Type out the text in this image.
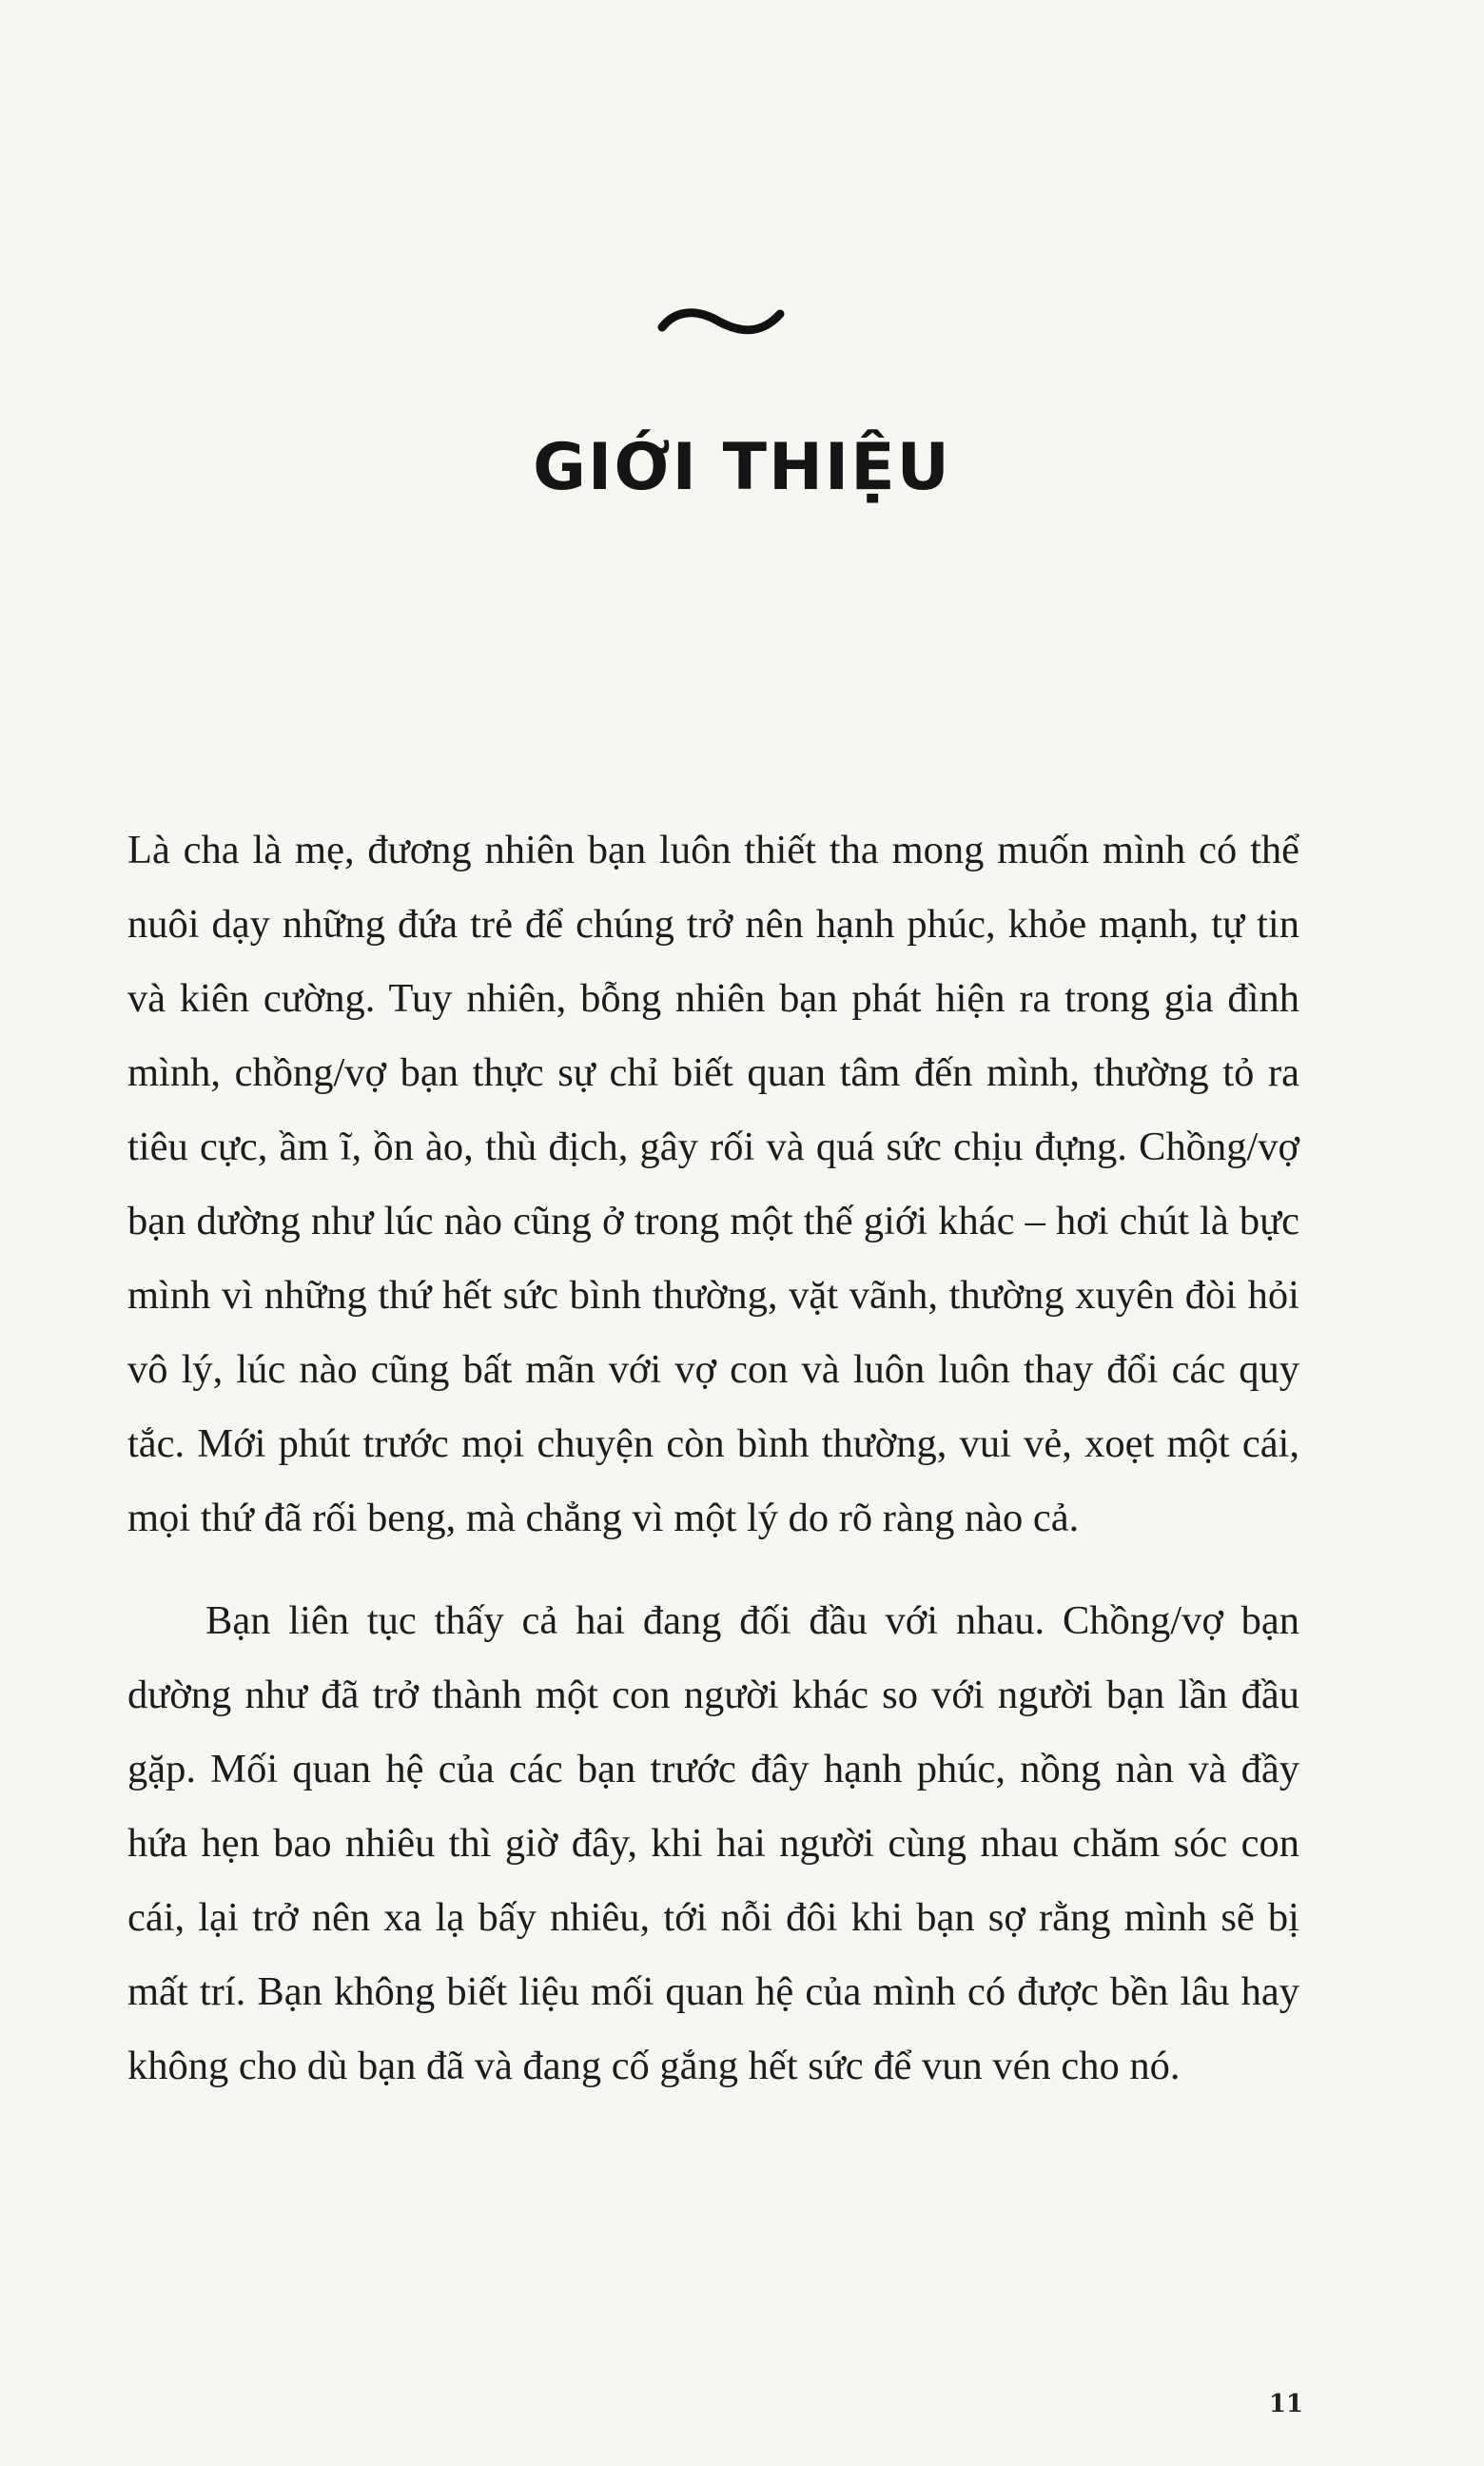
GIỚI THIỆU

Là cha là mẹ, đương nhiên bạn luôn thiết tha mong muốn mình có thể nuôi dạy những đứa trẻ để chúng trở nên hạnh phúc, khỏe mạnh, tự tin và kiên cường. Tuy nhiên, bỗng nhiên bạn phát hiện ra trong gia đình mình, chồng/vợ bạn thực sự chỉ biết quan tâm đến mình, thường tỏ ra tiêu cực, ầm ĩ, ồn ào, thù địch, gây rối và quá sức chịu đựng. Chồng/vợ bạn dường như lúc nào cũng ở trong một thế giới khác – hơi chút là bực mình vì những thứ hết sức bình thường, vặt vãnh, thường xuyên đòi hỏi vô lý, lúc nào cũng bất mãn với vợ con và luôn luôn thay đổi các quy tắc. Mới phút trước mọi chuyện còn bình thường, vui vẻ, xoẹt một cái, mọi thứ đã rối beng, mà chẳng vì một lý do rõ ràng nào cả.

Bạn liên tục thấy cả hai đang đối đầu với nhau. Chồng/vợ bạn dường như đã trở thành một con người khác so với người bạn lần đầu gặp. Mối quan hệ của các bạn trước đây hạnh phúc, nồng nàn và đầy hứa hẹn bao nhiêu thì giờ đây, khi hai người cùng nhau chăm sóc con cái, lại trở nên xa lạ bấy nhiêu, tới nỗi đôi khi bạn sợ rằng mình sẽ bị mất trí. Bạn không biết liệu mối quan hệ của mình có được bền lâu hay không cho dù bạn đã và đang cố gắng hết sức để vun vén cho nó.

11
